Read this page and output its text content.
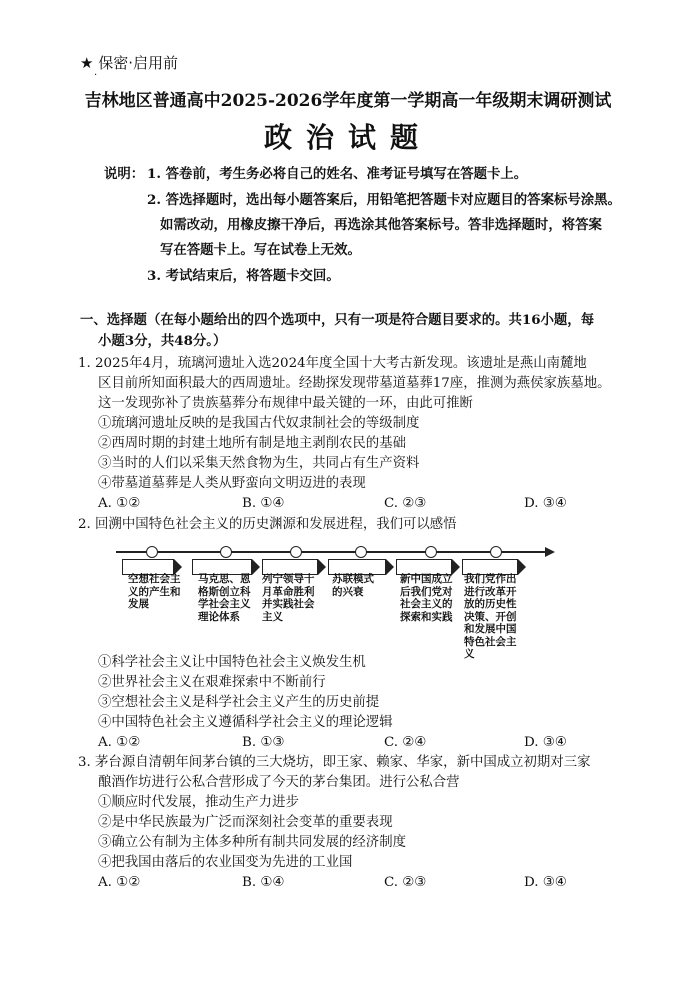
★ 保密·启用前
·
吉林地区普通高中2025-2026学年度第一学期高一年级期末调研测试
政治试题
说明： 1. 答卷前，考生务必将自己的姓名、准考证号填写在答题卡上。
2. 答选择题时，选出每小题答案后，用铅笔把答题卡对应题目的答案标号涂黑。
如需改动，用橡皮擦干净后，再选涂其他答案标号。答非选择题时，将答案
写在答题卡上。写在试卷上无效。
3. 考试结束后，将答题卡交回。
一、选择题（在每小题给出的四个选项中，只有一项是符合题目要求的。共16小题，每
小题3分，共48分。）
1. 2025年4月，琉璃河遗址入选2024年度全国十大考古新发现。该遗址是燕山南麓地
区目前所知面积最大的西周遗址。经勘探发现带墓道墓葬17座，推测为燕侯家族墓地。
这一发现弥补了贵族墓葬分布规律中最关键的一环，由此可推断
①琉璃河遗址反映的是我国古代奴隶制社会的等级制度
②西周时期的封建土地所有制是地主剥削农民的基础
③当时的人们以采集天然食物为生，共同占有生产资料
④带墓道墓葬是人类从野蛮向文明迈进的表现
A. ①②	B. ①④	C. ②③	D. ③④
2. 回溯中国特色社会主义的历史渊源和发展进程，我们可以感悟
空想社会主义的产生和发展
马克思、恩格斯创立科学社会主义理论体系
列宁领导十月革命胜利并实践社会主义
苏联模式的兴衰
新中国成立后我们党对社会主义的探索和实践
我们党作出进行改革开放的历史性决策、开创和发展中国特色社会主义
①科学社会主义让中国特色社会主义焕发生机
②世界社会主义在艰难探索中不断前行
③空想社会主义是科学社会主义产生的历史前提
④中国特色社会主义遵循科学社会主义的理论逻辑
A. ①②	B. ①③	C. ②④	D. ③④
3. 茅台源自清朝年间茅台镇的三大烧坊，即王家、赖家、华家，新中国成立初期对三家
酿酒作坊进行公私合营形成了今天的茅台集团。进行公私合营
①顺应时代发展，推动生产力进步
②是中华民族最为广泛而深刻社会变革的重要表现
③确立公有制为主体多种所有制共同发展的经济制度
④把我国由落后的农业国变为先进的工业国
A. ①②	B. ①④	C. ②③	D. ③④
